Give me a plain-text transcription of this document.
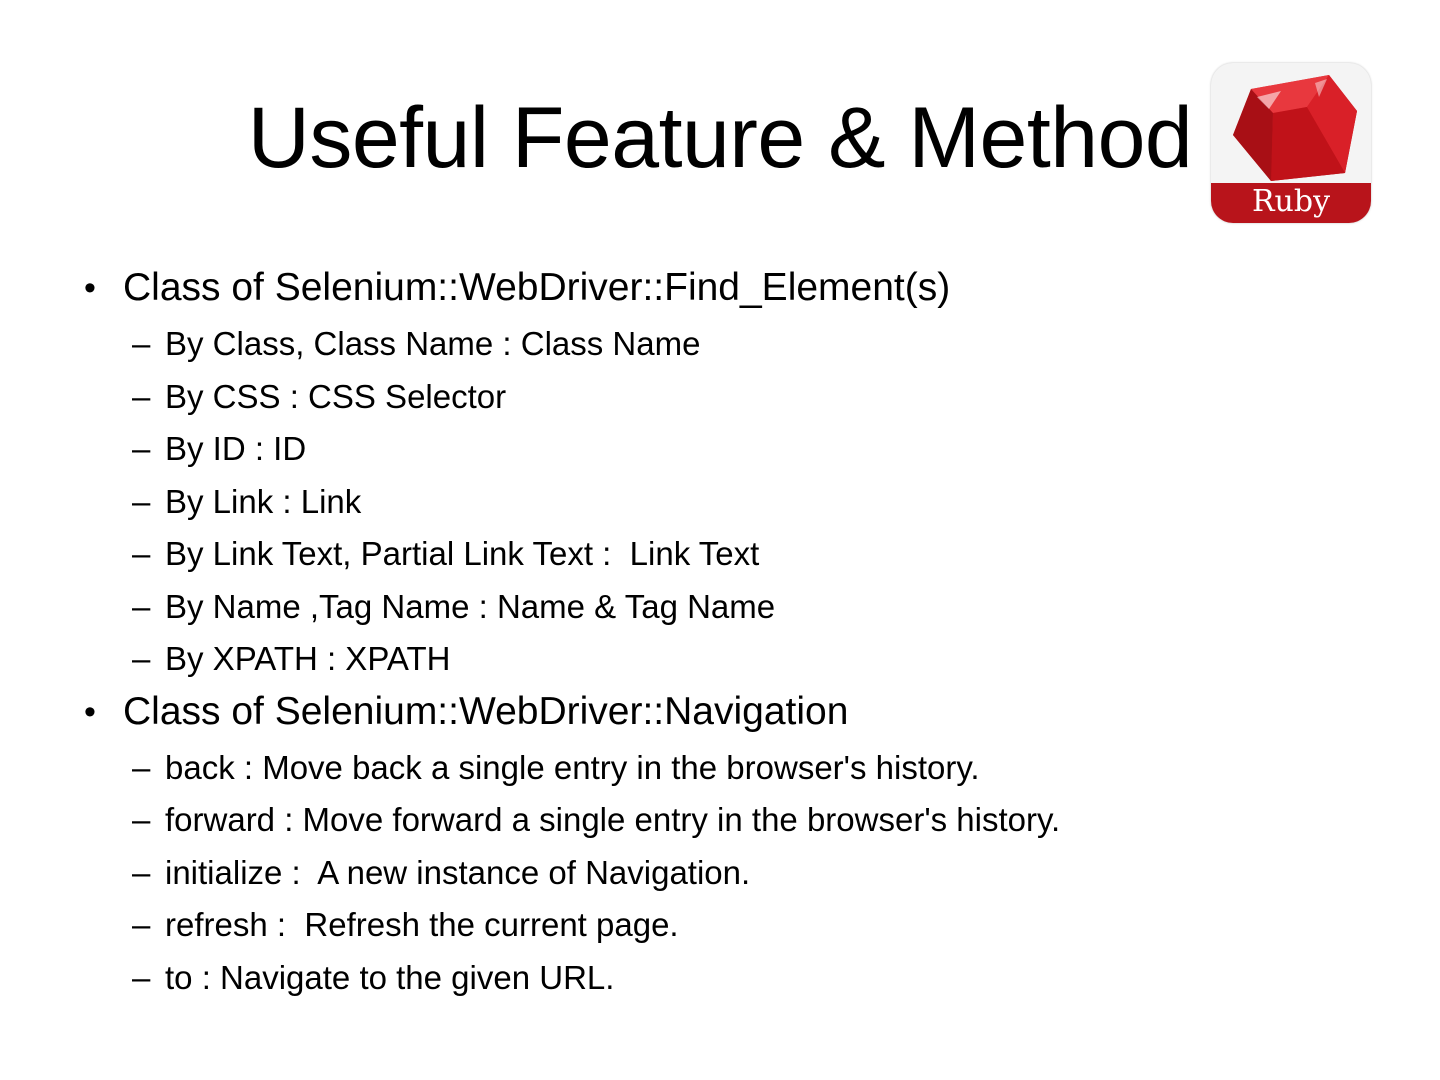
Useful Feature & Method
Ruby
• Class of Selenium::WebDriver::Find_Element(s)
– By Class, Class Name : Class Name
– By CSS : CSS Selector
– By ID : ID
– By Link : Link
– By Link Text, Partial Link Text :  Link Text
– By Name ,Tag Name : Name & Tag Name
– By XPATH : XPATH
• Class of Selenium::WebDriver::Navigation
– back : Move back a single entry in the browser's history.
– forward : Move forward a single entry in the browser's history.
– initialize :  A new instance of Navigation.
– refresh :  Refresh the current page.
– to : Navigate to the given URL.
